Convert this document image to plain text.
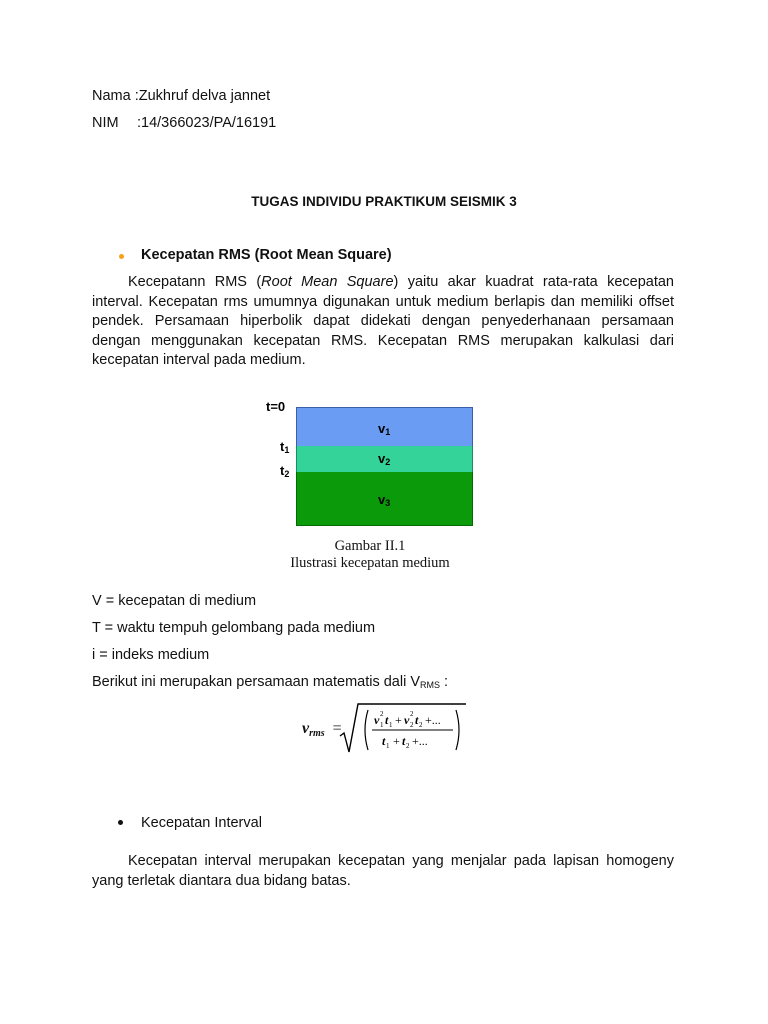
Nama :Zukhruf delva jannet
NIM :14/366023/PA/16191
TUGAS INDIVIDU PRAKTIKUM SEISMIK 3
Kecepatan RMS (Root Mean Square)
Kecepatann RMS (Root Mean Square) yaitu akar kuadrat rata-rata kecepatan interval. Kecepatan rms umumnya digunakan untuk medium berlapis dan memiliki offset pendek. Persamaan hiperbolik dapat didekati dengan penyederhanaan persamaan dengan menggunakan kecepatan RMS. Kecepatan RMS merupakan kalkulasi dari kecepatan interval pada medium.
t=0
$t_1$
$t_2$
$v_1$
$v_2$
$v_3$
Gambar II.1
Ilustrasi kecepatan medium
V = kecepatan di medium
T = waktu tempuh gelombang pada medium
i = indeks medium
Berikut ini merupakan persamaan matematis dali VRMS :
vrms =	v 1
2 t 1 + v 2
2 t 2 +...
t 1 + t 2 +...
Kecepatan Interval
Kecepatan interval merupakan kecepatan yang menjalar pada lapisan homogeny yang terletak diantara dua bidang batas.
